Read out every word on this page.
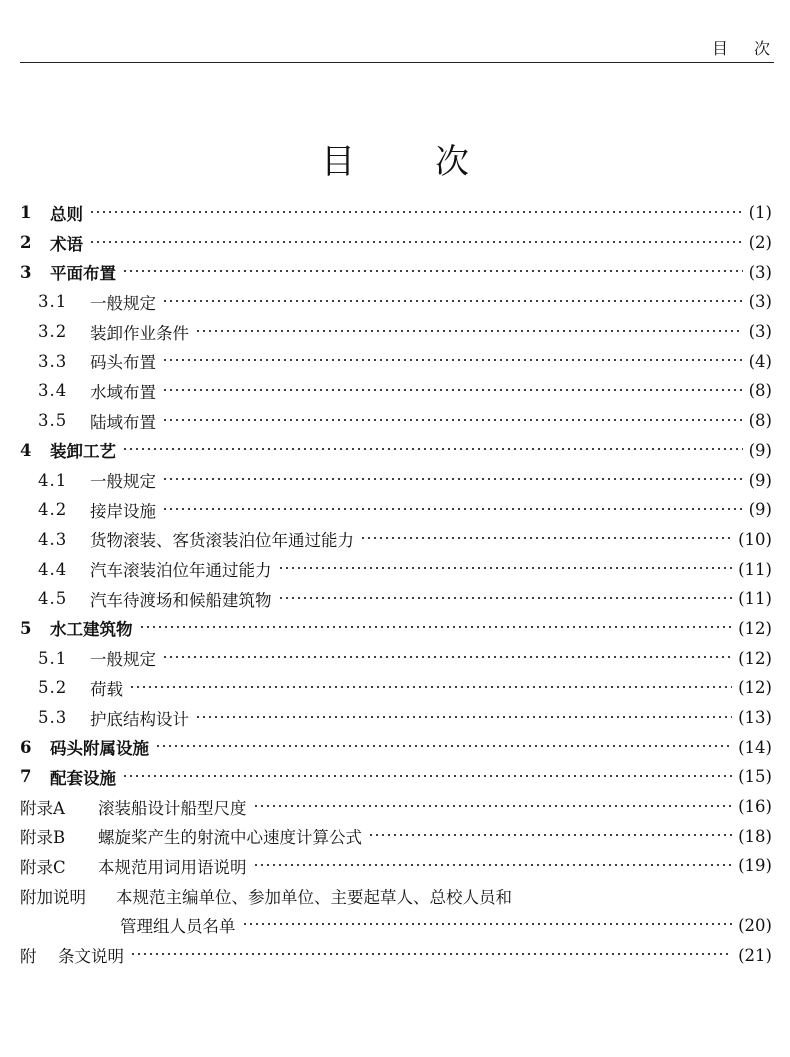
目 次
目 次
1	总则	(1)
2	术语	(2)
3	平面布置	(3)
3.1	一般规定	(3)
3.2	装卸作业条件	(3)
3.3	码头布置	(4)
3.4	水域布置	(8)
3.5	陆域布置	(8)
4	装卸工艺	(9)
4.1	一般规定	(9)
4.2	接岸设施	(9)
4.3	货物滚装、客货滚装泊位年通过能力	(10)
4.4	汽车滚装泊位年通过能力	(11)
4.5	汽车待渡场和候船建筑物	(11)
5	水工建筑物	(12)
5.1	一般规定	(12)
5.2	荷载	(12)
5.3	护底结构设计	(13)
6	码头附属设施	(14)
7	配套设施	(15)
附录A	滚装船设计船型尺度	(16)
附录B	螺旋桨产生的射流中心速度计算公式	(18)
附录C	本规范用词用语说明	(19)
附加说明	本规范主编单位、参加单位、主要起草人、总校人员和
管理组人员名单	(20)
附	条文说明	(21)
